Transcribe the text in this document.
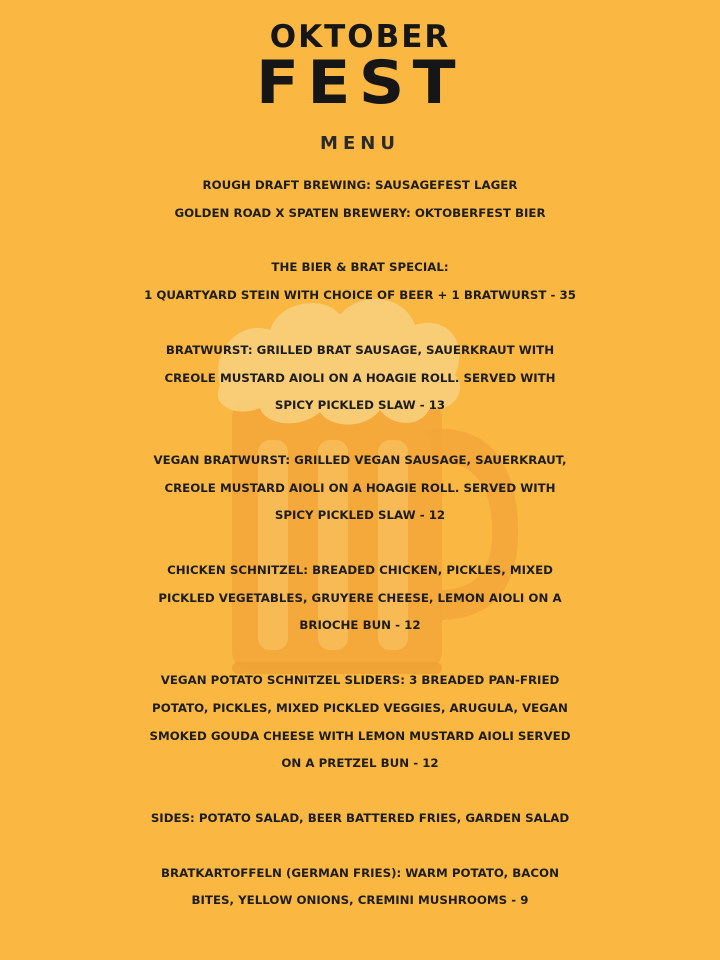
OKTOBER
FEST
MENU
ROUGH DRAFT BREWING: SAUSAGEFEST LAGER
GOLDEN ROAD X SPATEN BREWERY: OKTOBERFEST BIER
THE BIER & BRAT SPECIAL:
1 QUARTYARD STEIN WITH CHOICE OF BEER + 1 BRATWURST - 35
BRATWURST: GRILLED BRAT SAUSAGE, SAUERKRAUT WITH
CREOLE MUSTARD AIOLI ON A HOAGIE ROLL. SERVED WITH
SPICY PICKLED SLAW - 13
VEGAN BRATWURST: GRILLED VEGAN SAUSAGE, SAUERKRAUT,
CREOLE MUSTARD AIOLI ON A HOAGIE ROLL. SERVED WITH
SPICY PICKLED SLAW - 12
CHICKEN SCHNITZEL: BREADED CHICKEN, PICKLES, MIXED
PICKLED VEGETABLES, GRUYERE CHEESE, LEMON AIOLI ON A
BRIOCHE BUN - 12
VEGAN POTATO SCHNITZEL SLIDERS: 3 BREADED PAN-FRIED
POTATO, PICKLES, MIXED PICKLED VEGGIES, ARUGULA, VEGAN
SMOKED GOUDA CHEESE WITH LEMON MUSTARD AIOLI SERVED
ON A PRETZEL BUN - 12
SIDES: POTATO SALAD, BEER BATTERED FRIES, GARDEN SALAD
BRATKARTOFFELN (GERMAN FRIES): WARM POTATO, BACON
BITES, YELLOW ONIONS, CREMINI MUSHROOMS - 9
